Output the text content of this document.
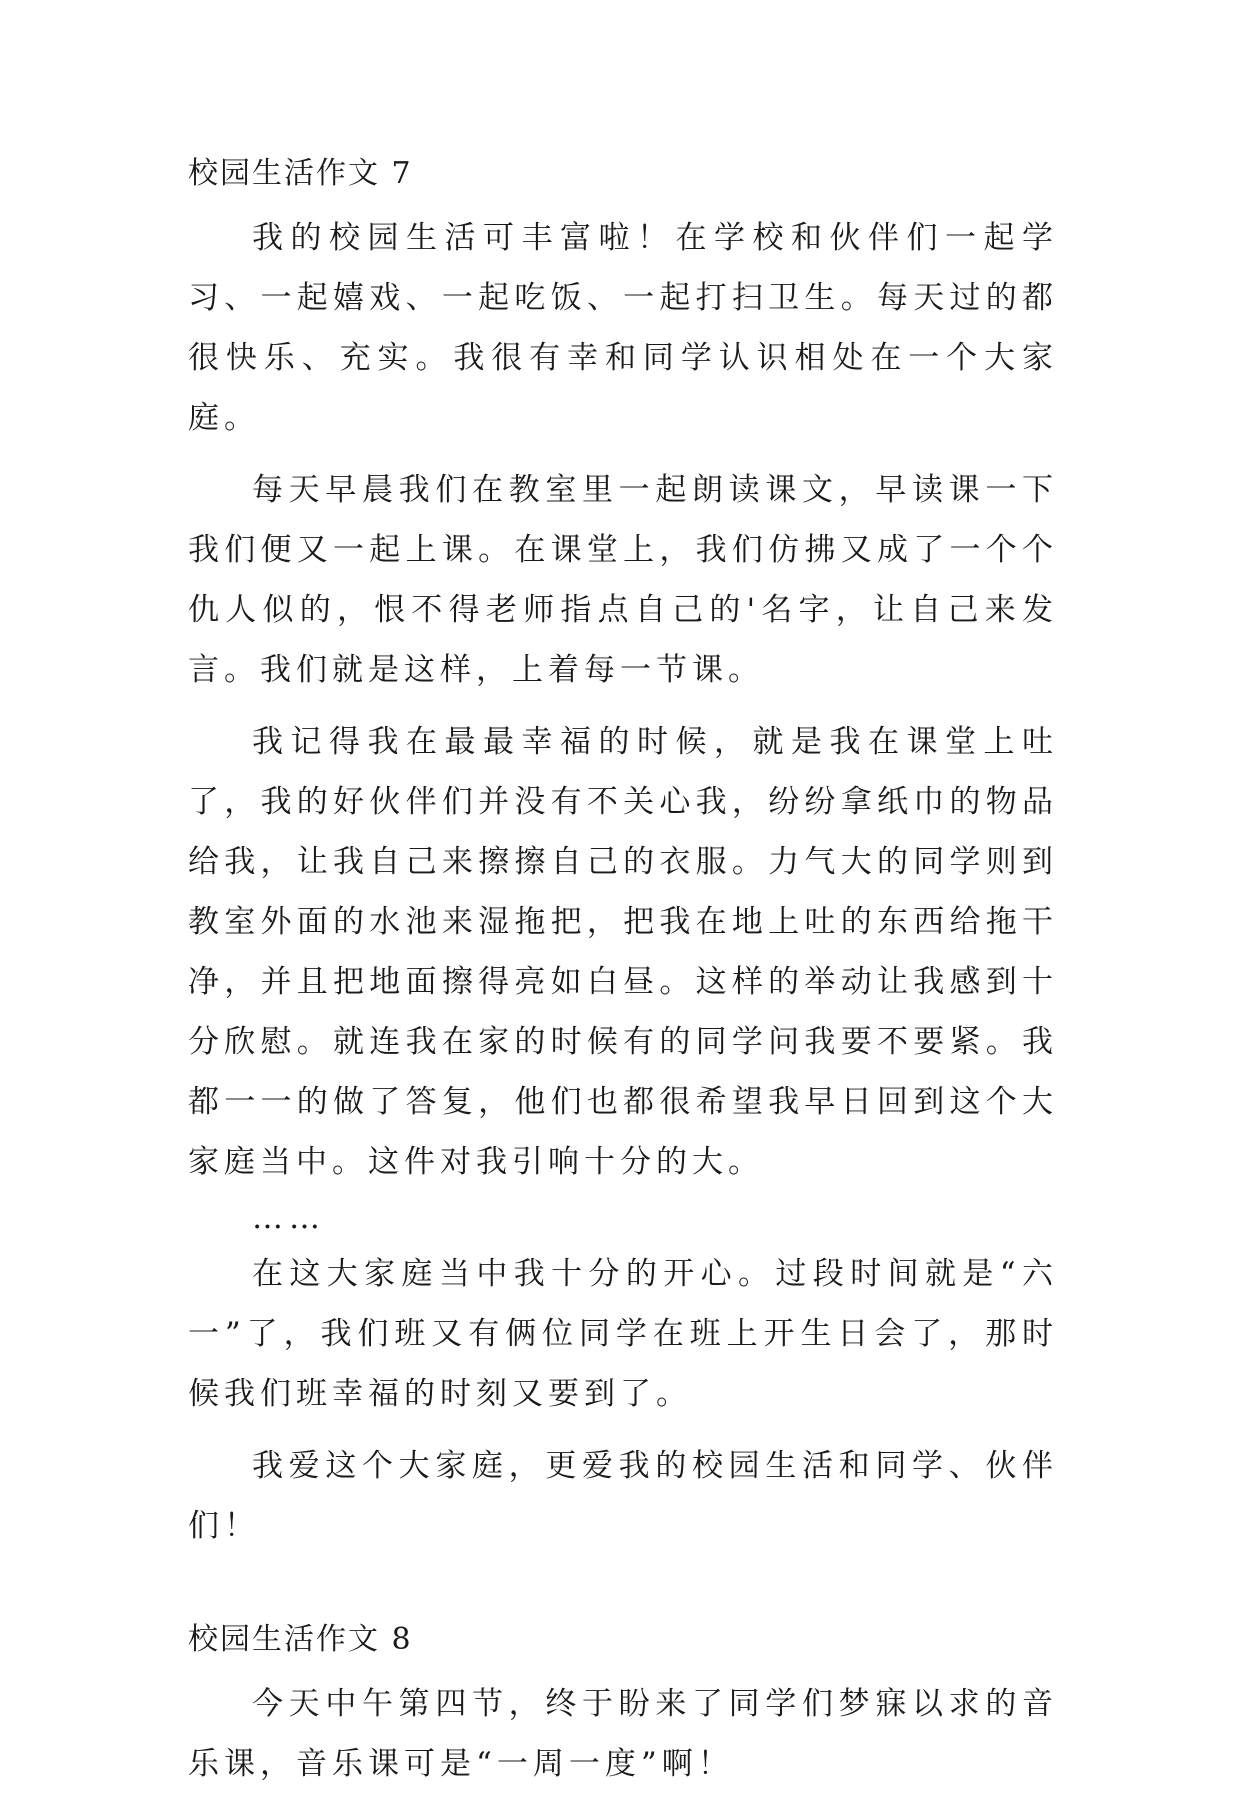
校园生活作文 7

我的校园生活可丰富啦！在学校和伙伴们一起学习、一起嬉戏、一起吃饭、一起打扫卫生。每天过的都很快乐、充实。我很有幸和同学认识相处在一个大家庭。

每天早晨我们在教室里一起朗读课文，早读课一下我们便又一起上课。在课堂上，我们仿拂又成了一个个仇人似的，恨不得老师指点自己的'名字，让自己来发言。我们就是这样，上着每一节课。

我记得我在最最幸福的时候，就是我在课堂上吐了，我的好伙伴们并没有不关心我，纷纷拿纸巾的物品给我，让我自己来擦擦自己的衣服。力气大的同学则到教室外面的水池来湿拖把，把我在地上吐的东西给拖干净，并且把地面擦得亮如白昼。这样的举动让我感到十分欣慰。就连我在家的时候有的同学问我要不要紧。我都一一的做了答复，他们也都很希望我早日回到这个大家庭当中。这件对我引响十分的大。

……

在这大家庭当中我十分的开心。过段时间就是“六一”了，我们班又有俩位同学在班上开生日会了，那时候我们班幸福的时刻又要到了。

我爱这个大家庭，更爱我的校园生活和同学、伙伴们！

校园生活作文 8

今天中午第四节，终于盼来了同学们梦寐以求的音乐课，音乐课可是“一周一度”啊！
